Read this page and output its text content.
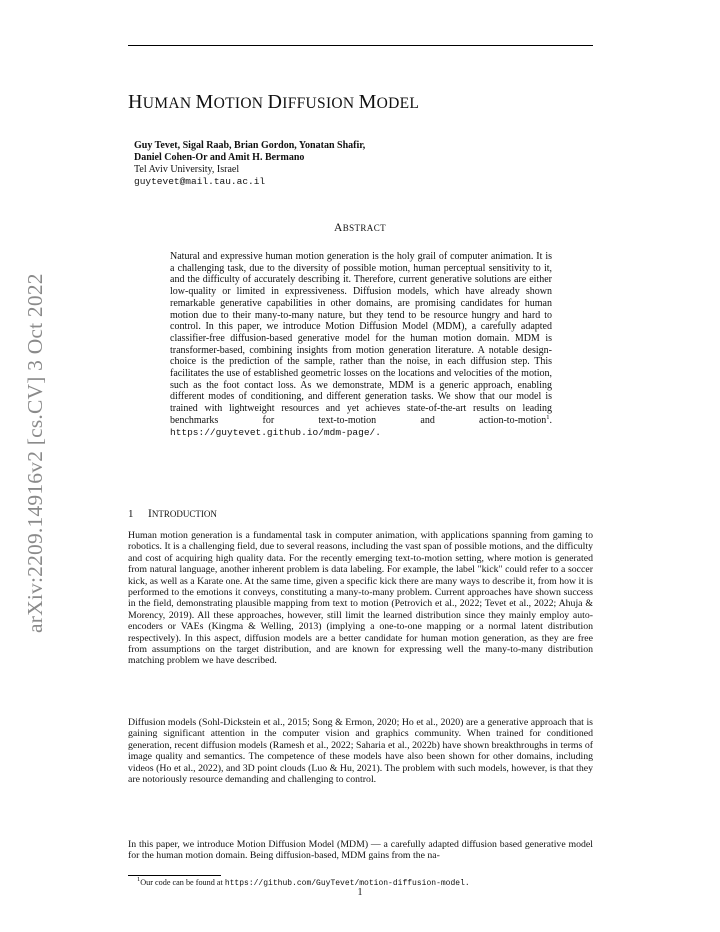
arXiv:2209.14916v2 [cs.CV] 3 Oct 2022
HUMAN MOTION DIFFUSION MODEL
Guy Tevet, Sigal Raab, Brian Gordon, Yonatan Shafir,
Daniel Cohen-Or and Amit H. Bermano
Tel Aviv University, Israel
guytevet@mail.tau.ac.il
ABSTRACT

Natural and expressive human motion generation is the holy grail of computer animation. It is a challenging task, due to the diversity of possible motion, human perceptual sensitivity to it, and the difficulty of accurately describing it. Therefore, current generative solutions are either low-quality or limited in expressiveness. Diffusion models, which have already shown remarkable generative capabilities in other domains, are promising candidates for human motion due to their many-to-many nature, but they tend to be resource hungry and hard to control. In this paper, we introduce Motion Diffusion Model (MDM), a carefully adapted classifier-free diffusion-based generative model for the human motion domain. MDM is transformer-based, combining insights from motion generation literature. A notable design-choice is the prediction of the sample, rather than the noise, in each diffusion step. This facilitates the use of established geometric losses on the locations and velocities of the motion, such as the foot contact loss. As we demonstrate, MDM is a generic approach, enabling different modes of conditioning, and different generation tasks. We show that our model is trained with lightweight resources and yet achieves state-of-the-art results on leading benchmarks for text-to-motion and action-to-motion$^1$. https://guytevet.github.io/mdm-page/.

1 INTRODUCTION

Human motion generation is a fundamental task in computer animation, with applications spanning from gaming to robotics. It is a challenging field, due to several reasons, including the vast span of possible motions, and the difficulty and cost of acquiring high quality data. For the recently emerging text-to-motion setting, where motion is generated from natural language, another inherent problem is data labeling. For example, the label "kick" could refer to a soccer kick, as well as a Karate one. At the same time, given a specific kick there are many ways to describe it, from how it is performed to the emotions it conveys, constituting a many-to-many problem. Current approaches have shown success in the field, demonstrating plausible mapping from text to motion (Petrovich et al., 2022; Tevet et al., 2022; Ahuja & Morency, 2019). All these approaches, however, still limit the learned distribution since they mainly employ auto-encoders or VAEs (Kingma & Welling, 2013) (implying a one-to-one mapping or a normal latent distribution respectively). In this aspect, diffusion models are a better candidate for human motion generation, as they are free from assumptions on the target distribution, and are known for expressing well the many-to-many distribution matching problem we have described.

Diffusion models (Sohl-Dickstein et al., 2015; Song & Ermon, 2020; Ho et al., 2020) are a generative approach that is gaining significant attention in the computer vision and graphics community. When trained for conditioned generation, recent diffusion models (Ramesh et al., 2022; Saharia et al., 2022b) have shown breakthroughs in terms of image quality and semantics. The competence of these models have also been shown for other domains, including videos (Ho et al., 2022), and 3D point clouds (Luo & Hu, 2021). The problem with such models, however, is that they are notoriously resource demanding and challenging to control.

In this paper, we introduce Motion Diffusion Model (MDM) — a carefully adapted diffusion based generative model for the human motion domain. Being diffusion-based, MDM gains from the na-

$^1$Our code can be found at https://github.com/GuyTevet/motion-diffusion-model.
1
